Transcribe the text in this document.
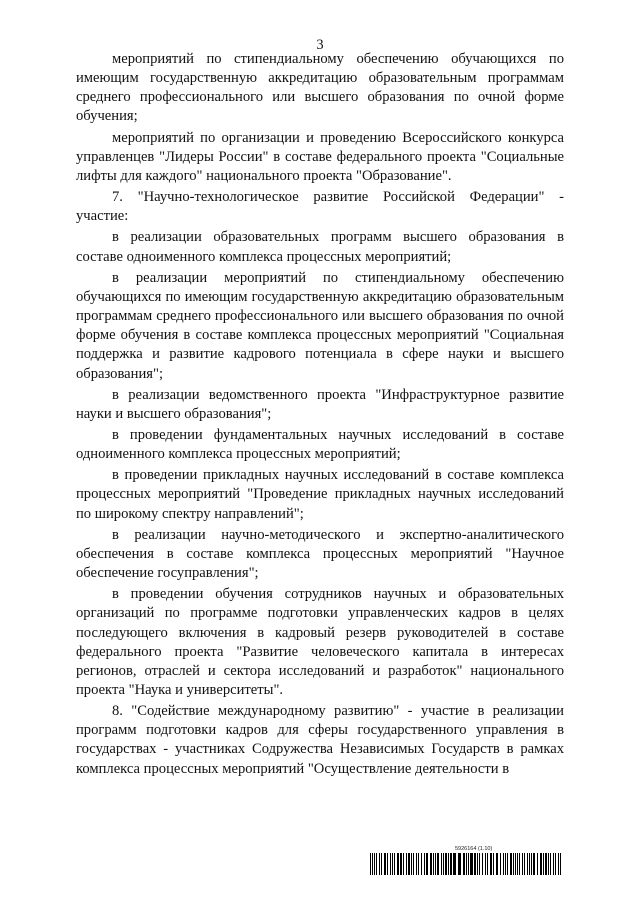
3

мероприятий по стипендиальному обеспечению обучающихся по имеющим государственную аккредитацию образовательным программам среднего профессионального или высшего образования по очной форме обучения;

мероприятий по организации и проведению Всероссийского конкурса управленцев "Лидеры России" в составе федерального проекта "Социальные лифты для каждого" национального проекта "Образование".

7. "Научно-технологическое развитие Российской Федерации" - участие:

в реализации образовательных программ высшего образования в составе одноименного комплекса процессных мероприятий;

в реализации мероприятий по стипендиальному обеспечению обучающихся по имеющим государственную аккредитацию образовательным программам среднего профессионального или высшего образования по очной форме обучения в составе комплекса процессных мероприятий "Социальная поддержка и развитие кадрового потенциала в сфере науки и высшего образования";

в реализации ведомственного проекта "Инфраструктурное развитие науки и высшего образования";

в проведении фундаментальных научных исследований в составе одноименного комплекса процессных мероприятий;

в проведении прикладных научных исследований в составе комплекса процессных мероприятий "Проведение прикладных научных исследований по широкому спектру направлений";

в реализации научно-методического и экспертно-аналитического обеспечения в составе комплекса процессных мероприятий "Научное обеспечение госуправления";

в проведении обучения сотрудников научных и образовательных организаций по программе подготовки управленческих кадров в целях последующего включения в кадровый резерв руководителей в составе федерального проекта "Развитие человеческого капитала в интересах регионов, отраслей и сектора исследований и разработок" национального проекта "Наука и университеты".

8. "Содействие международному развитию" - участие в реализации программ подготовки кадров для сферы государственного управления в государствах - участниках Содружества Независимых Государств в рамках комплекса процессных мероприятий "Осуществление деятельности в

5926164 (1.10)
